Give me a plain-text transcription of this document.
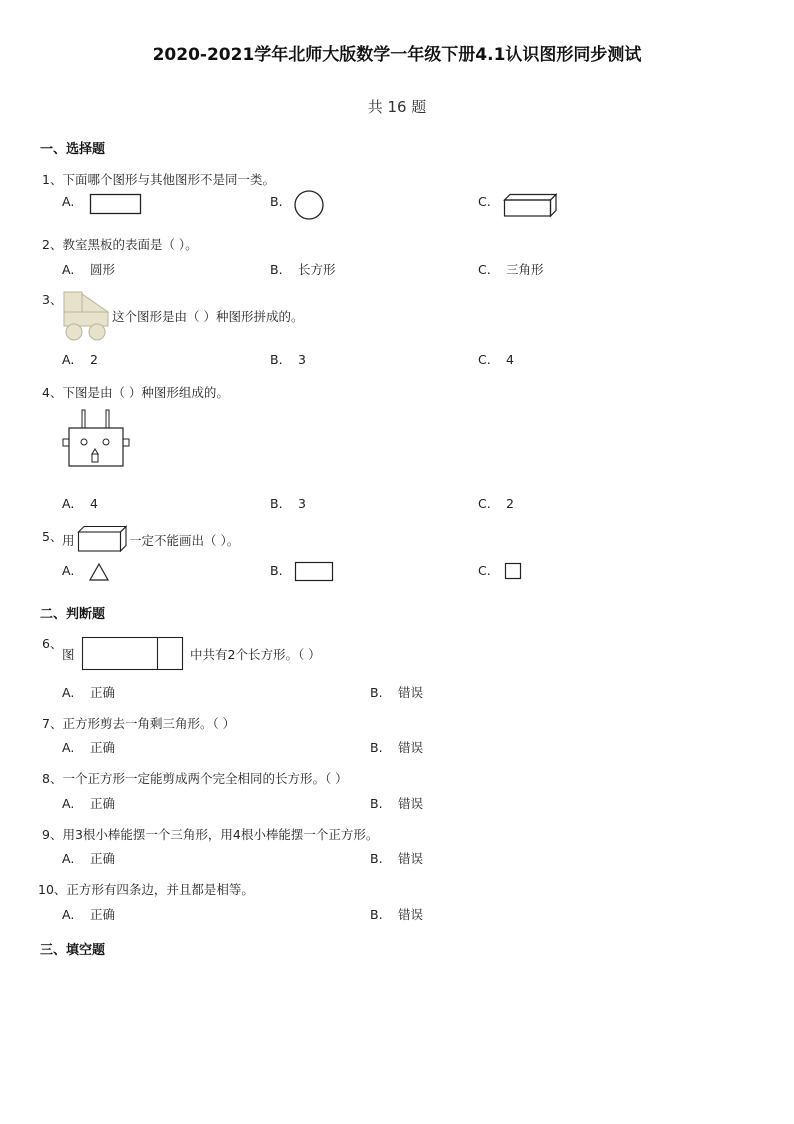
2020-2021学年北师大版数学一年级下册4.1认识图形同步测试
共 16 题
一、选择题
1、下面哪个图形与其他图形不是同一类。
A.	B.	C.
2、教室黑板的表面是（ ）。
A. 圆形	B. 长方形	C. 三角形
3、
这个图形是由（ ）种图形拼成的。
A. 2	B. 3	C. 4
4、下图是由（ ）种图形组成的。
A. 4	B. 3	C. 2
5、 用	一定不能画出（ ）。
A.	B.	C.
二、判断题
6、
图	中共有2个长方形。（ ）
A. 正确	B. 错误
7、正方形剪去一角剩三角形。（ ）
A. 正确	B. 错误
8、一个正方形一定能剪成两个完全相同的长方形。（ ）
A. 正确	B. 错误
9、用3根小棒能摆一个三角形，用4根小棒能摆一个正方形。
A. 正确	B. 错误
10、正方形有四条边，并且都是相等。
A. 正确	B. 错误
三、填空题
